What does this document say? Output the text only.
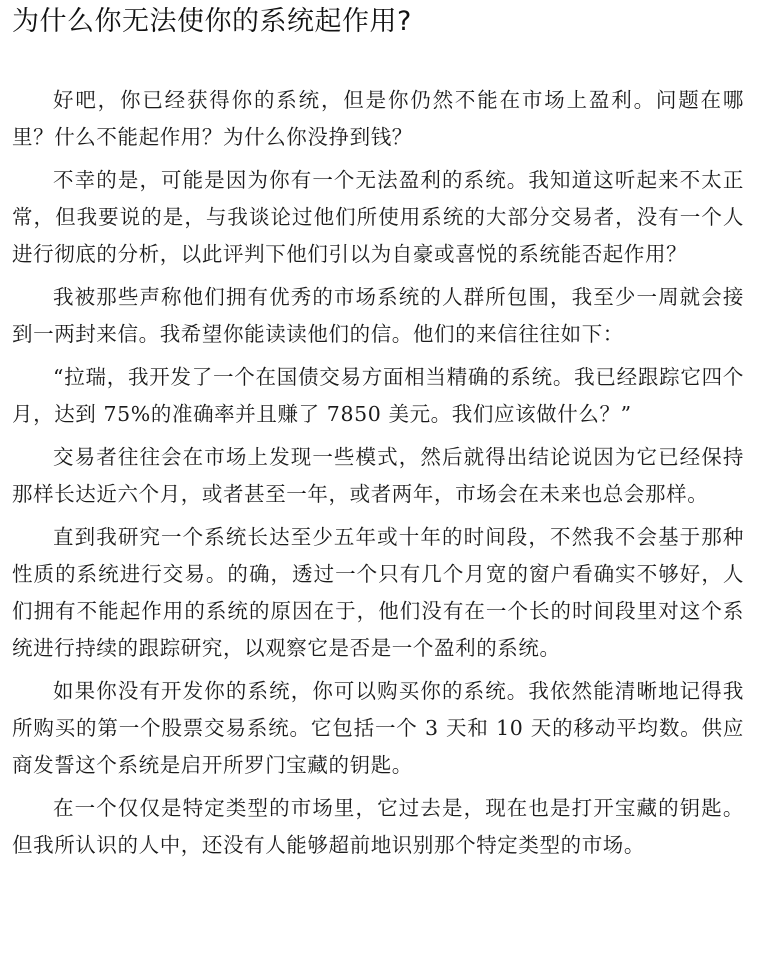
为什么你无法使你的系统起作用?

好吧，你已经获得你的系统，但是你仍然不能在市场上盈利。问题在哪里？什么不能起作用？为什么你没挣到钱？

不幸的是，可能是因为你有一个无法盈利的系统。我知道这听起来不太正常，但我要说的是，与我谈论过他们所使用系统的大部分交易者，没有一个人进行彻底的分析，以此评判下他们引以为自豪或喜悦的系统能否起作用？

我被那些声称他们拥有优秀的市场系统的人群所包围，我至少一周就会接到一两封来信。我希望你能读读他们的信。他们的来信往往如下：

“拉瑞，我开发了一个在国债交易方面相当精确的系统。我已经跟踪它四个月，达到 75%的准确率并且赚了 7850 美元。我们应该做什么？”

交易者往往会在市场上发现一些模式，然后就得出结论说因为它已经保持那样长达近六个月，或者甚至一年，或者两年，市场会在未来也总会那样。

直到我研究一个系统长达至少五年或十年的时间段，不然我不会基于那种性质的系统进行交易。的确，透过一个只有几个月宽的窗户看确实不够好，人们拥有不能起作用的系统的原因在于，他们没有在一个长的时间段里对这个系统进行持续的跟踪研究，以观察它是否是一个盈利的系统。

如果你没有开发你的系统，你可以购买你的系统。我依然能清晰地记得我所购买的第一个股票交易系统。它包括一个 3 天和 10 天的移动平均数。供应商发誓这个系统是启开所罗门宝藏的钥匙。

在一个仅仅是特定类型的市场里，它过去是，现在也是打开宝藏的钥匙。但我所认识的人中，还没有人能够超前地识别那个特定类型的市场。
